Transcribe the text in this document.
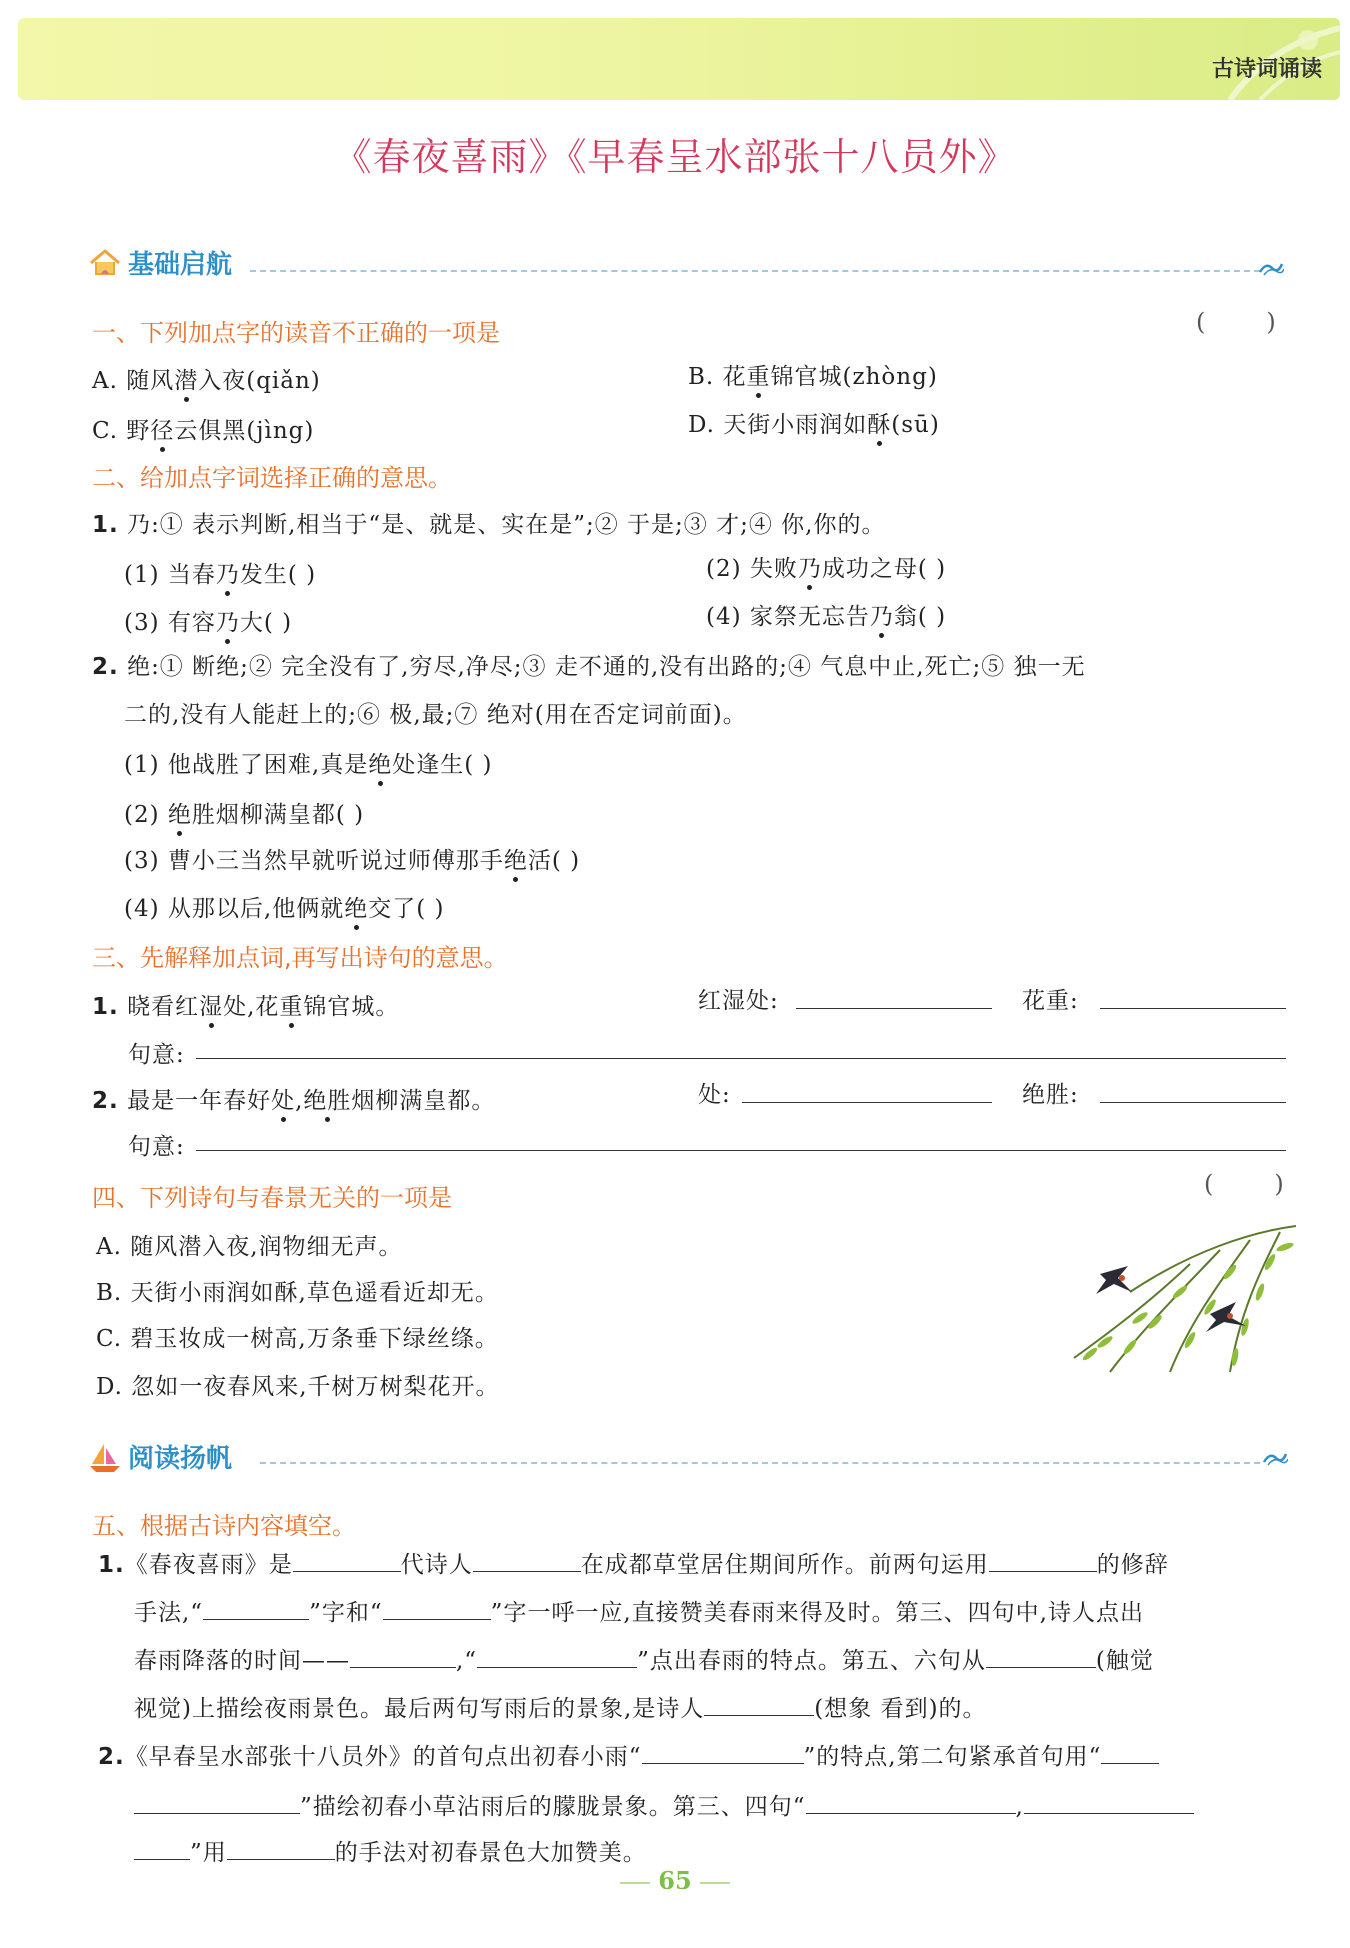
古诗词诵读
《春夜喜雨》《早春呈水部张十八员外》
基础启航
一、下列加点字的读音不正确的一项是	(        )
A. 随风潜入夜(qiǎn)	B. 花重锦官城(zhòng)
C. 野径云俱黑(jìng)	D. 天街小雨润如酥(sū)
二、给加点字词选择正确的意思。
1. 乃:① 表示判断,相当于“是、就是、实在是”;② 于是;③ 才;④ 你,你的。
(1) 当春乃发生( )	(2) 失败乃成功之母( )
(3) 有容乃大( )	(4) 家祭无忘告乃翁( )
2. 绝:① 断绝;② 完全没有了,穷尽,净尽;③ 走不通的,没有出路的;④ 气息中止,死亡;⑤ 独一无
二的,没有人能赶上的;⑥ 极,最;⑦ 绝对(用在否定词前面)。
(1) 他战胜了困难,真是绝处逢生( )
(2) 绝胜烟柳满皇都( )
(3) 曹小三当然早就听说过师傅那手绝活( )
(4) 从那以后,他俩就绝交了( )
三、先解释加点词,再写出诗句的意思。
1. 晓看红湿处,花重锦官城。	红湿处:	花重:
句意:
2. 最是一年春好处,绝胜烟柳满皇都。	处:	绝胜:
句意:
四、下列诗句与春景无关的一项是	(        )
A. 随风潜入夜,润物细无声。
B. 天街小雨润如酥,草色遥看近却无。
C. 碧玉妆成一树高,万条垂下绿丝绦。
D. 忽如一夜春风来,千树万树梨花开。
阅读扬帆
五、根据古诗内容填空。
1.《春夜喜雨》是	代诗人	在成都草堂居住期间所作。前两句运用	的修辞
手法,“	”字和“	”字一呼一应,直接赞美春雨来得及时。第三、四句中,诗人点出
春雨降落的时间——	,“	”点出春雨的特点。第五、六句从	(触觉
视觉)上描绘夜雨景色。最后两句写雨后的景象,是诗人	(想象 看到)的。
2.《早春呈水部张十八员外》的首句点出初春小雨“	”的特点,第二句紧承首句用“
”描绘初春小草沾雨后的朦胧景象。第三、四句“	,
”用	的手法对初春景色大加赞美。
65
